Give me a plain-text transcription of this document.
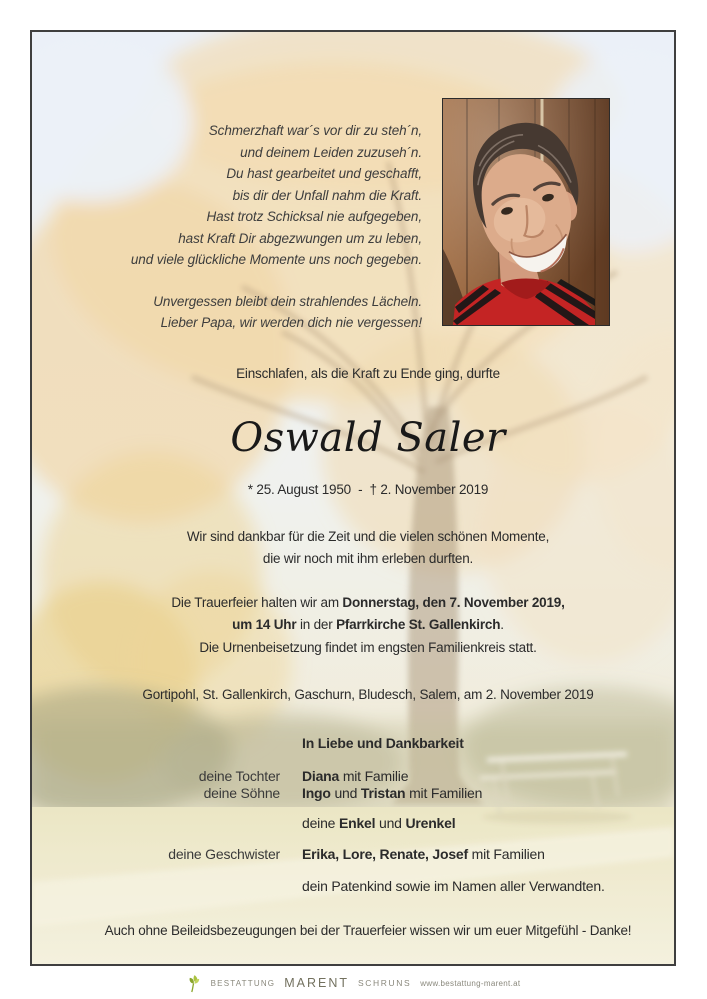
Schmerzhaft war´s vor dir zu steh´n,
und deinem Leiden zuzuseh´n.
Du hast gearbeitet und geschafft,
bis dir der Unfall nahm die Kraft.
Hast trotz Schicksal nie aufgegeben,
hast Kraft Dir abgezwungen um zu leben,
und viele glückliche Momente uns noch gegeben.
Unvergessen bleibt dein strahlendes Lächeln.
Lieber Papa, wir werden dich nie vergessen!
Einschlafen, als die Kraft zu Ende ging, durfte
Oswald Saler
* 25. August 1950  -  † 2. November 2019
Wir sind dankbar für die Zeit und die vielen schönen Momente,
die wir noch mit ihm erleben durften.
Die Trauerfeier halten wir am Donnerstag, den 7. November 2019,
um 14 Uhr in der Pfarrkirche St. Gallenkirch.
Die Urnenbeisetzung findet im engsten Familienkreis statt.
Gortipohl, St. Gallenkirch, Gaschurn, Bludesch, Salem, am 2. November 2019
In Liebe und Dankbarkeit
deine Tochter Diana mit Familie
deine Söhne Ingo und Tristan mit Familien
deine Enkel und Urenkel
deine Geschwister Erika, Lore, Renate, Josef mit Familien
dein Patenkind sowie im Namen aller Verwandten.
Auch ohne Beileidsbezeugungen bei der Trauerfeier wissen wir um euer Mitgefühl - Danke!
BESTATTUNG MARENT SCHRUNS www.bestattung-marent.at
